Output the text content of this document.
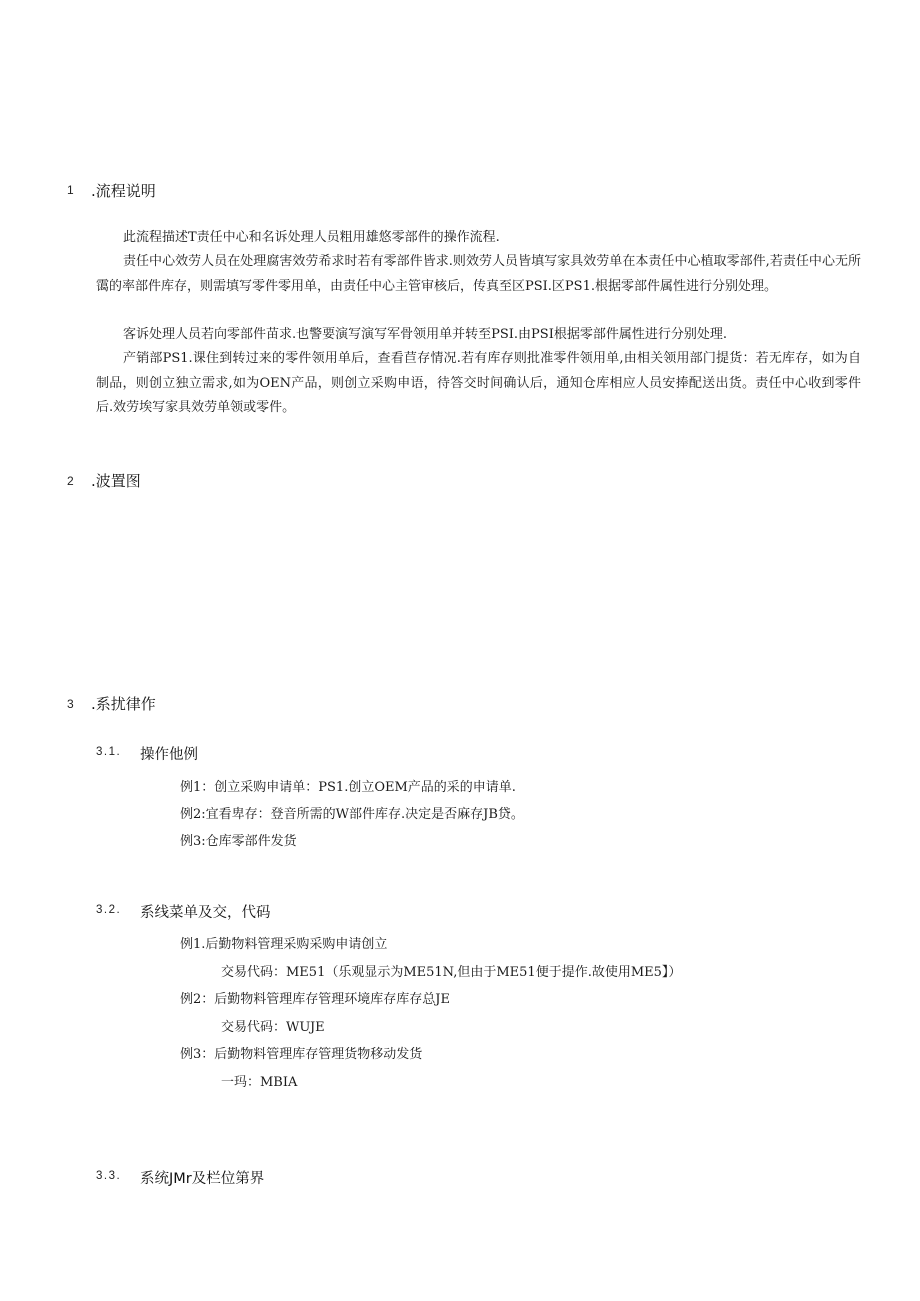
1 .流程说明

此流程描述T责任中心和名诉处理人员粗用雄悠零部件的操作流程.

责任中心效劳人员在处理腐害效劳希求时若有零部件皆求.则效劳人员皆填写家具效劳单在本责任中心植取零部件,若责任中心无所霭的率部件库存，则需填写零件零用单，由责任中心主管审核后，传真至区PSI.区PS1.根据零部件属性进行分别处理。

客诉处理人员若向零部件苗求.也警要演写演写军骨领用单并转至PSI.由PSI根据零部件属性进行分别处理.

产销部PS1.课住到转过来的零件领用单后，查看苣存情况.若有库存则批准零件领用单,由相关领用部门提货：若无库存，如为自制品，则创立独立需求,如为OEN产品，则创立采购申语，待答交时间确认后，通知仓库相应人员安捧配送出货。责任中心收到零件后.效劳埃写家具效劳单领或零件。

2 .波置图
3 .系扰律作
3.1. 操作他例
例1：创立采购申请单：PS1.创立OEM产品的采的申请单.
例2:宜看卑存：登音所需的W部件库存.决定是否麻存JB贷。
例3:仓库零部件发货
3.2. 系线菜单及交，代码
例1.后勤物料管理采购采购申请创立
交易代码：ME51（乐观显示为ME51N,但由于ME51便于提作.故使用ME5】）
例2：后勤物料管理库存管理环境库存库存总JE
交易代码：WUJE
例3：后勤物料管理库存管理货物移动发货
一玛：MBIA
3.3. 系统JMr及栏位第界
